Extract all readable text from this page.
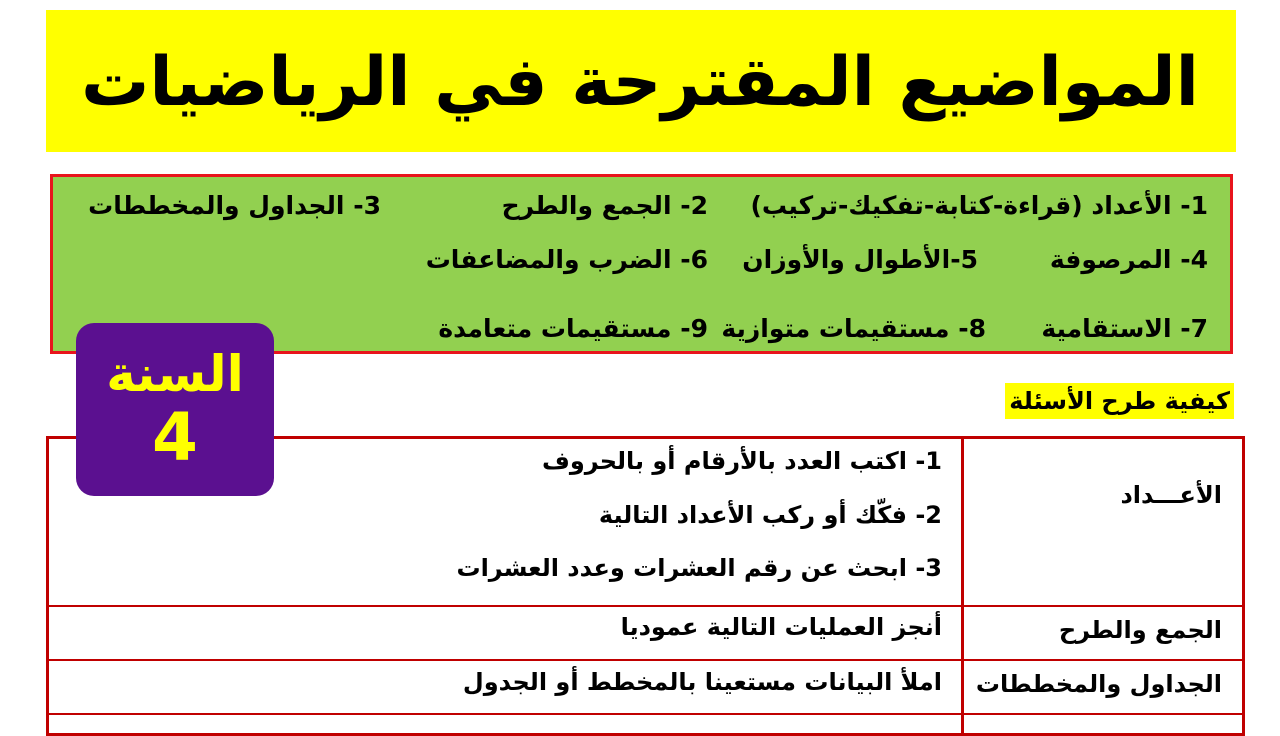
المواضيع المقترحة في الرياضيات
1- الأعداد (قراءة-كتابة-تفكيك-تركيب)
2- الجمع والطرح
3- الجداول والمخططات
4- المرصوفة
5-الأطوال والأوزان
6- الضرب والمضاعفات
7- الاستقامية
8- مستقيمات متوازية
9- مستقيمات متعامدة
كيفية طرح الأسئلة
الأعـــداد
1- اكتب العدد بالأرقام أو بالحروف
2- فكّك أو ركب الأعداد التالية
3- ابحث عن رقم العشرات وعدد العشرات
الجمع والطرح
أنجز العمليات التالية عموديا
الجداول والمخططات
املأ البيانات مستعينا بالمخطط أو الجدول
السنة
4
